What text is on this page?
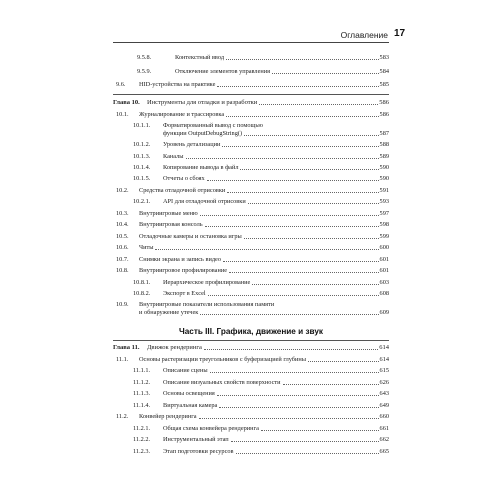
Оглавление 17
9.5.8.	Контекстный ввод	583
9.5.9.	Отключение элементов управления	584
9.6. HID-устройства на практике	585
Глава 10. Инструменты для отладки и разработки	586
10.1. Журналирование и трассировка	586
10.1.1. Форматированный вывод с помощью
функции OutputDebugString()	587
10.1.2. Уровень детализации	588
10.1.3. Каналы	589
10.1.4. Копирование вывода в файл	590
10.1.5. Отчеты о сбоях	590
10.2. Средства отладочной отрисовки	591
10.2.1. API для отладочной отрисовки	593
10.3. Внутриигровые меню	597
10.4. Внутриигровая консоль	598
10.5. Отладочные камеры и остановка игры	599
10.6. Читы	600
10.7. Снимки экрана и запись видео	601
10.8. Внутриигровое профилирование	601
10.8.1. Иерархическое профилирование	603
10.8.2. Экспорт в Excel	608
10.9. Внутриигровые показатели использования памяти
и обнаружение утечек	609
Часть III. Графика, движение и звук
Глава 11. Движок рендеринга	614
11.1. Основы растеризации треугольников с буферизацией глубины	614
11.1.1. Описание сцены	615
11.1.2. Описание визуальных свойств поверхности	626
11.1.3. Основы освещения	643
11.1.4. Виртуальная камера	649
11.2. Конвейер рендеринга	660
11.2.1. Общая схема конвейера рендеринга	661
11.2.2. Инструментальный этап	662
11.2.3. Этап подготовки ресурсов	665
